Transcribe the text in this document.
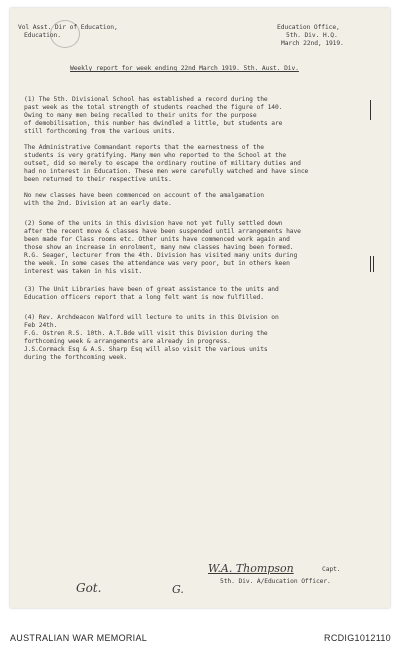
Vol Asst. Dir of Education,
Education.
Education Office,
5th. Div. H.Q.
March 22nd, 1919.
Weekly report for week ending 22nd March 1919. 5th. Aust. Div.
(1) The 5th. Divisional School has established a record during the
past week as the total strength of students reached the figure of 140.
Owing to many men being recalled to their units for the purpose
of demobilisation, this number has dwindled a little, but students are
still forthcoming from the various units.
The Administrative Commandant reports that the earnestness of the
students is very gratifying. Many men who reported to the School at the
outset, did so merely to escape the ordinary routine of military duties and
had no interest in Education. These men were carefully watched and have since
been returned to their respective units.
No new classes have been commenced on account of the amalgamation
with the 2nd. Division at an early date.
(2) Some of the units in this division have not yet fully settled down
after the recent move & classes have been suspended until arrangements have
been made for Class rooms etc. Other units have commenced work again and
those show an increase in enrolment, many new classes having been formed.
R.G. Seager, lecturer from the 4th. Division has visited many units during
the week. In some cases the attendance was very poor, but in others keen
interest was taken in his visit.
(3) The Unit Libraries have been of great assistance to the units and
Education officers report that a long felt want is now fulfilled.
(4) Rev. Archdeacon Walford will lecture to units in this Division on
Feb 24th.
F.G. Ostren R.S. 10th. A.T.Bde will visit this Division during the
forthcoming week & arrangements are already in progress.
J.S.Cormack Esq & A.S. Sharp Esq will also visit the various units
during the forthcoming week.
W.A. Thompson	Capt.
5th. Div. A/Education Officer.
Got.	G.
AUSTRALIAN WAR MEMORIAL	RCDIG1012110
